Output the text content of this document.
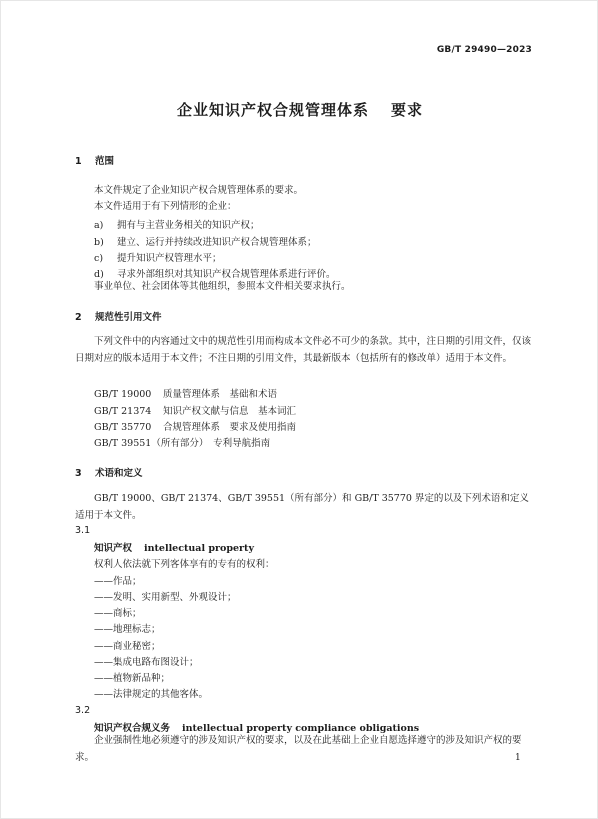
GB/T 29490—2023
企业知识产权合规管理体系 要求
1 范围
本文件规定了企业知识产权合规管理体系的要求。
本文件适用于有下列情形的企业：
a) 拥有与主营业务相关的知识产权；
b) 建立、运行并持续改进知识产权合规管理体系；
c) 提升知识产权管理水平；
d) 寻求外部组织对其知识产权合规管理体系进行评价。
事业单位、社会团体等其他组织，参照本文件相关要求执行。
2 规范性引用文件
下列文件中的内容通过文中的规范性引用而构成本文件必不可少的条款。其中，注日期的引用文件，仅该日期对应的版本适用于本文件；不注日期的引用文件，其最新版本（包括所有的修改单）适用于本文件。
GB/T 19000 质量管理体系　基础和术语
GB/T 21374 知识产权文献与信息　基本词汇
GB/T 35770 合规管理体系　要求及使用指南
GB/T 39551（所有部分）　 专利导航指南
3 术语和定义
GB/T 19000、GB/T 21374、GB/T 39551（所有部分）和 GB/T 35770 界定的以及下列术语和定义适用于本文件。
3.1
知识产权 intellectual property
权利人依法就下列客体享有的专有的权利：
——作品；
——发明、实用新型、外观设计；
——商标；
——地理标志；
——商业秘密；
——集成电路布图设计；
——植物新品种；
——法律规定的其他客体。
3.2
知识产权合规义务 intellectual property compliance obligations
企业强制性地必须遵守的涉及知识产权的要求，以及在此基础上企业自愿选择遵守的涉及知识产权的要求。	1
